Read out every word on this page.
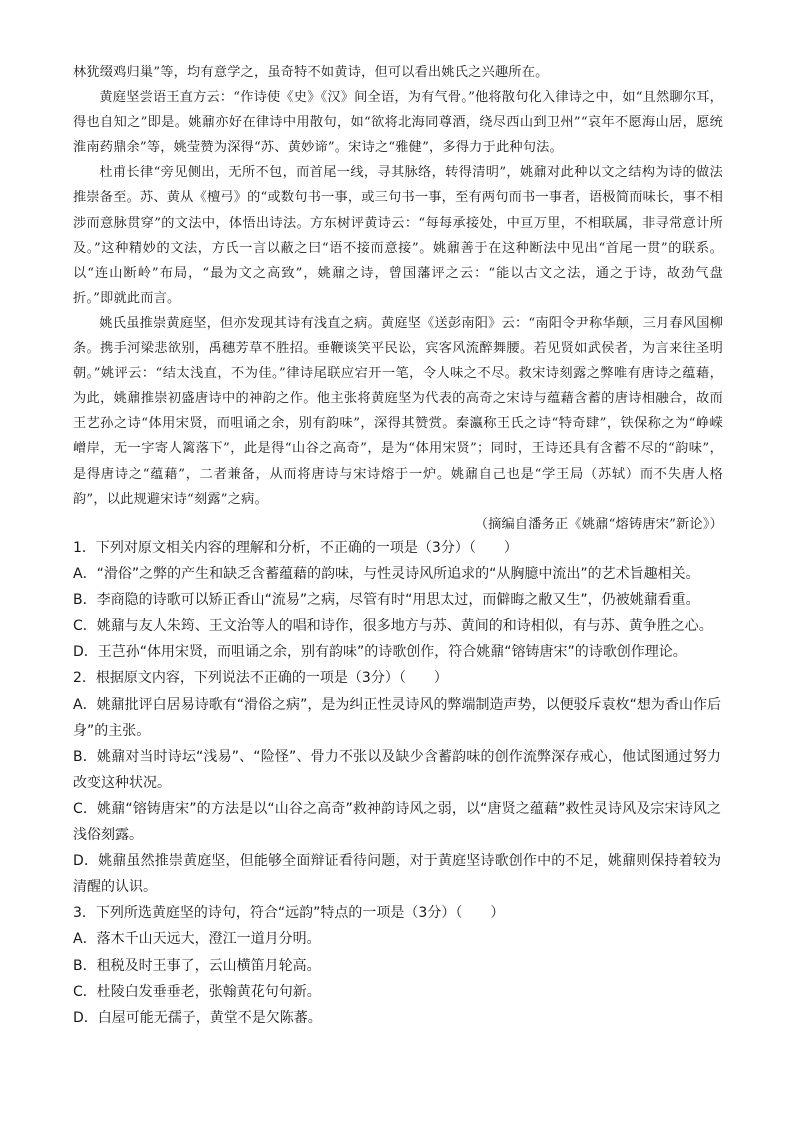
林犹缀鸡归巢”等，均有意学之，虽奇特不如黄诗，但可以看出姚氏之兴趣所在。

黄庭坚尝语王直方云：“作诗使《史》《汉》间全语，为有气骨。”他将散句化入律诗之中，如“且然聊尔耳，得也自知之”即是。姚鼐亦好在律诗中用散句，如“欲将北海同尊酒，绕尽西山到卫州”“哀年不愿海山居，愿统淮南药鼎余”等，姚莹赞为深得“苏、黄妙谛”。宋诗之“雅健”，多得力于此种句法。

杜甫长律“旁见侧出，无所不包，而首尾一线，寻其脉络，转得清明”，姚鼐对此种以文之结构为诗的做法推崇备至。苏、黄从《檀弓》的“或数句书一事，或三句书一事，至有两句而书一事者，语极简而味长，事不相涉而意脉贯穿”的文法中，体悟出诗法。方东树评黄诗云：“每每承接处，中亘万里，不相联属，非寻常意计所及。”这种精妙的文法，方氏一言以蔽之曰“语不接而意接”。姚鼐善于在这种断法中见出“首尾一贯”的联系。以“连山断岭”布局，“最为文之高致”，姚鼐之诗，曾国藩评之云：“能以古文之法，通之于诗，故劲气盘折。”即就此而言。

姚氏虽推崇黄庭坚，但亦发现其诗有浅直之病。黄庭坚《送彭南阳》云：“南阳令尹称华颠，三月春风国柳条。携手河梁悲欲别，禹穗芳草不胜招。垂鞭谈笑平民讼，宾客风流醉舞腰。若见贤如武侯者，为言来往圣明朝。”姚评云：“结太浅直，不为佳。”律诗尾联应宕开一笔，令人味之不尽。救宋诗刻露之弊唯有唐诗之蕴藉，为此，姚鼐推崇初盛唐诗中的神韵之作。他主张将黄庭坚为代表的高奇之宋诗与蕴藉含蓄的唐诗相融合，故而王艺孙之诗“体用宋贤，而咀诵之余，别有韵味”，深得其赞赏。秦瀛称王氏之诗“特奇肆”，铁保称之为“峥嵘嶒岸，无一字寄人篱落下”，此是得“山谷之高奇”，是为“体用宋贤”；同时，王诗还具有含蓄不尽的“韵味”，是得唐诗之“蕴藉”，二者兼备，从而将唐诗与宋诗熔于一炉。姚鼐自己也是“学王局（苏轼）而不失唐人格韵”，以此规避宋诗“刻露”之病。

（摘编自潘务正《姚鼐“熔铸唐宋”新论》）

1．下列对原文相关内容的理解和分析，不正确的一项是（3分）（　　）

A．“滑俗”之弊的产生和缺乏含蓄蕴藉的韵味，与性灵诗风所追求的“从胸臆中流出”的艺术旨趣相关。

B．李商隐的诗歌可以矫正香山“流易”之病，尽管有时“用思太过，而僻晦之敝又生”，仍被姚鼐看重。

C．姚鼐与友人朱筠、王文治等人的唱和诗作，很多地方与苏、黄间的和诗相似，有与苏、黄争胜之心。

D．王芑孙“体用宋贤，而咀诵之余，别有韵味”的诗歌创作，符合姚鼐“镕铸唐宋”的诗歌创作理论。

2．根据原文内容，下列说法不正确的一项是（3分）（　　）

A．姚鼐批评白居易诗歌有“滑俗之病”，是为纠正性灵诗风的弊端制造声势，以便驳斥袁枚“想为香山作后身”的主张。

B．姚鼐对当时诗坛“浅易”、“险怪”、骨力不张以及缺少含蓄韵味的创作流弊深存戒心，他试图通过努力改变这种状况。

C．姚鼐“镕铸唐宋”的方法是以“山谷之高奇”救神韵诗风之弱，以“唐贤之蕴藉”救性灵诗风及宗宋诗风之浅俗刻露。

D．姚鼐虽然推崇黄庭坚，但能够全面辩证看待问题，对于黄庭坚诗歌创作中的不足，姚鼐则保持着较为清醒的认识。

3．下列所选黄庭坚的诗句，符合“远韵”特点的一项是（3分）（　　）

A．落木千山天远大，澄江一道月分明。

B．租税及时王事了，云山横笛月轮高。

C．杜陵白发垂垂老，张翰黄花句句新。

D．白屋可能无孺子，黄堂不是欠陈蕃。
